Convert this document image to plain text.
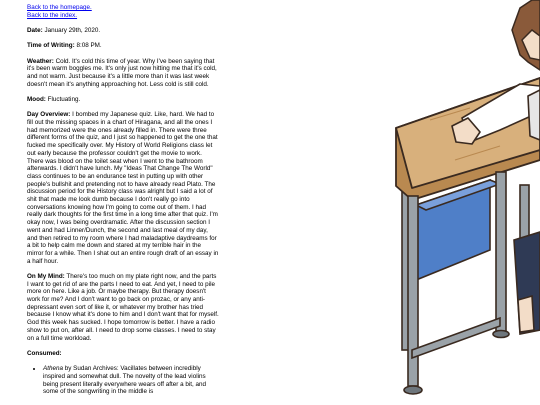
Back to the homepage.
Back to the index.

Date: January 29th, 2020.

Time of Writing: 8:08 PM.

Weather: Cold. It's cold this time of year. Why I've been saying that it's been warm boggles me. It's only just now hitting me that it's cold, and not warm. Just because it's a little more than it was last week doesn't mean it's anything approaching hot. Less cold is still cold.

Mood: Fluctuating.

Day Overview: I bombed my Japanese quiz. Like, hard. We had to fill out the missing spaces in a chart of Hiragana, and all the ones I had memorized were the ones already filled in. There were three different forms of the quiz, and I just so happened to get the one that fucked me specifically over. My History of World Religions class let out early because the professor couldn't get the movie to work. There was blood on the toilet seat when I went to the bathroom afterwards. I didn't have lunch. My "Ideas That Change The World" class continues to be an endurance test in putting up with other people's bullshit and pretending not to have already read Plato. The discussion period for the History class was alright but I said a lot of shit that made me look dumb because I don't really go into conversations knowing how I'm going to come out of them. I had really dark thoughts for the first time in a long time after that quiz. I'm okay now, I was being overdramatic. After the discussion section I went and had Linner/Dunch, the second and last meal of my day, and then retired to my room where I had maladaptive daydreams for a bit to help calm me down and stared at my terrible hair in the mirror for a while. Then I shat out an entire rough draft of an essay in a half hour.

On My Mind: There's too much on my plate right now, and the parts I want to get rid of are the parts I need to eat. And yet, I need to pile more on here. Like a job. Or maybe therapy. But therapy doesn't work for me? And I don't want to go back on prozac, or any anti-depressant even sort of like it, or whatever my brother has tried because I know what it's done to him and I don't want that for myself. God this week has sucked. I hope tomorrow is better. I have a radio show to put on, after all. I need to drop some classes. I need to stay on a full time workload.

Consumed:

• Athena by Sudan Archives: Vacillates between incredibly inspired and somewhat dull. The novelty of the lead violins being present literally everywhere wears off after a bit, and some of the songwriting in the middle is
